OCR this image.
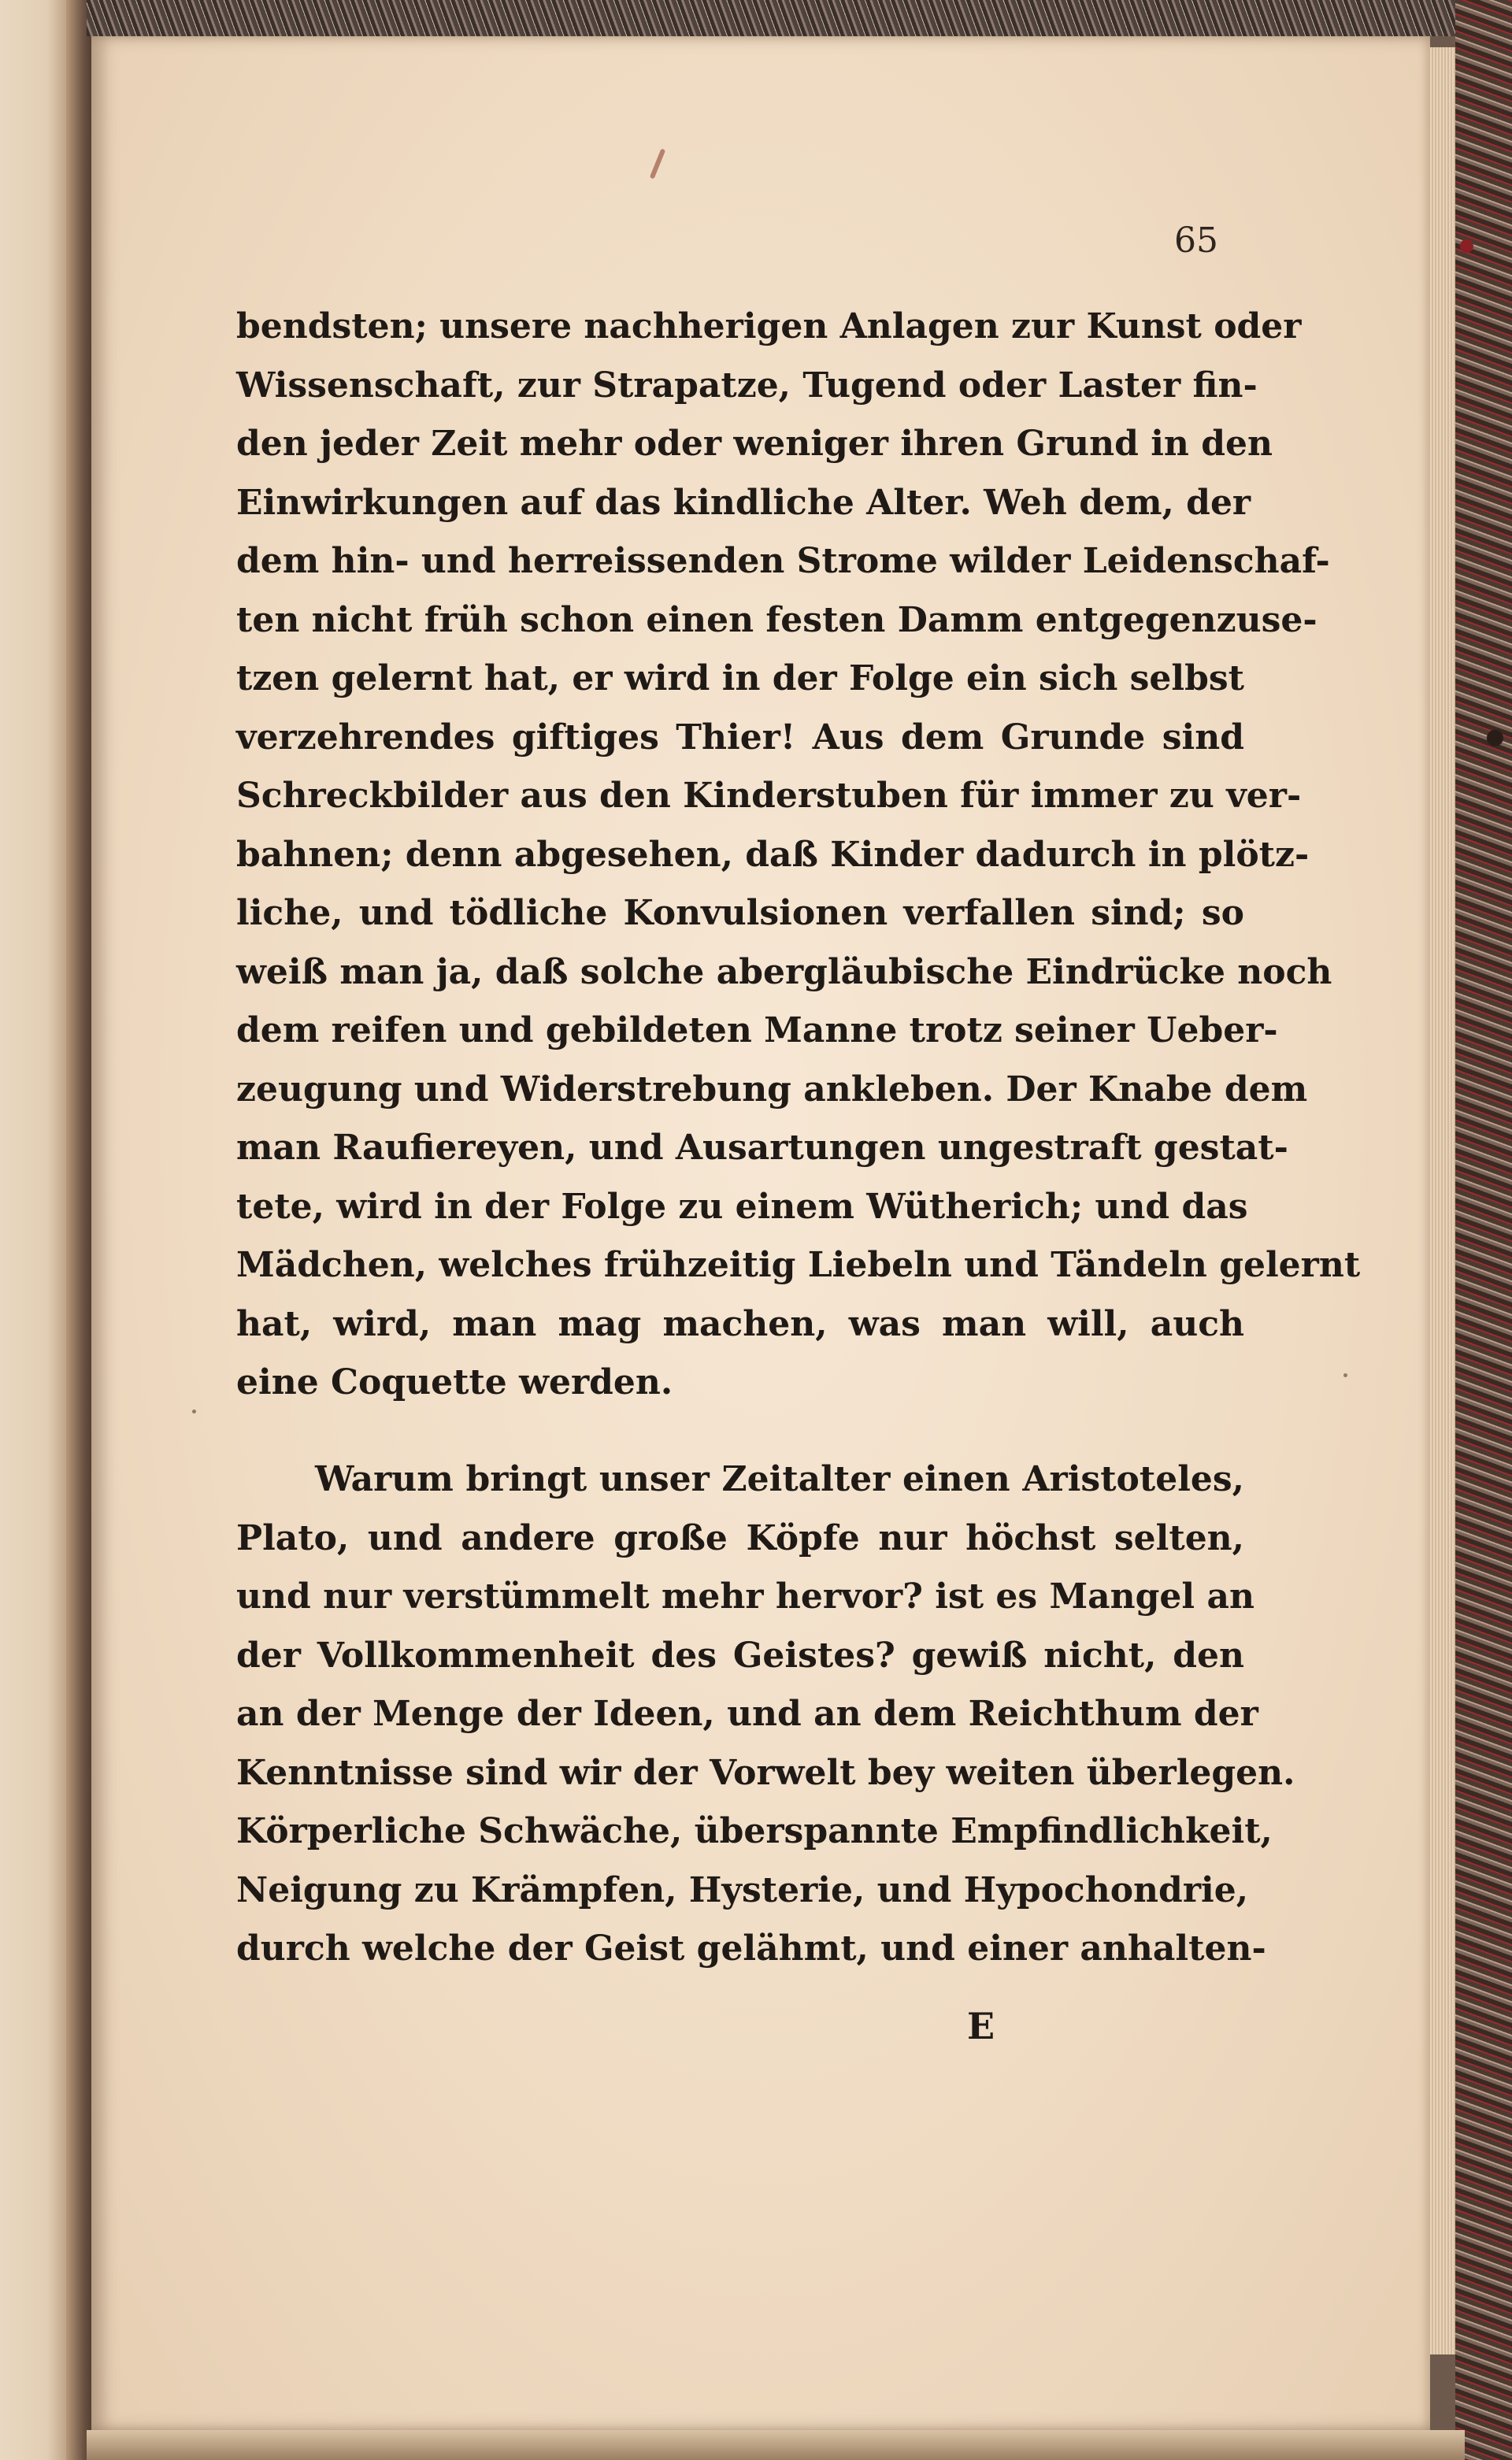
65
bendsten; unsere nachherigen Anlagen zur Kunst oder
Wissenschaft, zur Strapatze, Tugend oder Laster fin-
den jeder Zeit mehr oder weniger ihren Grund in den
Einwirkungen auf das kindliche Alter. Weh dem, der
dem hin- und herreissenden Strome wilder Leidenschaf-
ten nicht früh schon einen festen Damm entgegenzuse-
tzen gelernt hat, er wird in der Folge ein sich selbst
verzehrendes giftiges Thier! Aus dem Grunde sind
Schreckbilder aus den Kinderstuben für immer zu ver-
bahnen; denn abgesehen, daß Kinder dadurch in plötz-
liche, und tödliche Konvulsionen verfallen sind; so
weiß man ja, daß solche abergläubische Eindrücke noch
dem reifen und gebildeten Manne trotz seiner Ueber-
zeugung und Widerstrebung ankleben. Der Knabe dem
man Raufiereyen, und Ausartungen ungestraft gestat-
tete, wird in der Folge zu einem Wütherich; und das
Mädchen, welches frühzeitig Liebeln und Tändeln gelernt
hat, wird, man mag machen, was man will, auch
eine Coquette werden.
Warum bringt unser Zeitalter einen Aristoteles,
Plato, und andere große Köpfe nur höchst selten,
und nur verstümmelt mehr hervor? ist es Mangel an
der Vollkommenheit des Geistes? gewiß nicht, den
an der Menge der Ideen, und an dem Reichthum der
Kenntnisse sind wir der Vorwelt bey weiten überlegen.
Körperliche Schwäche, überspannte Empfindlichkeit,
Neigung zu Krämpfen, Hysterie, und Hypochondrie,
durch welche der Geist gelähmt, und einer anhalten-
E
